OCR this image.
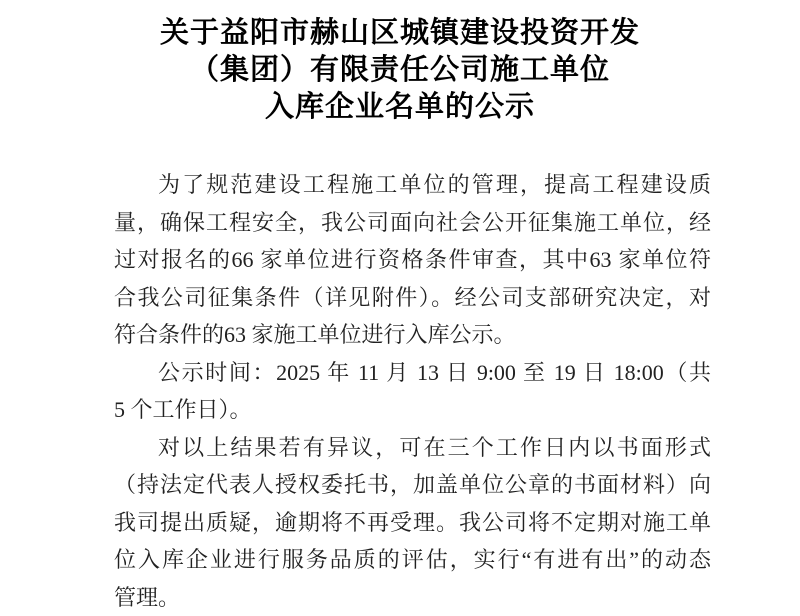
关于益阳市赫山区城镇建设投资开发
（集团）有限责任公司施工单位
入库企业名单的公示
为了规范建设工程施工单位的管理，提高工程建设质
量，确保工程安全，我公司面向社会公开征集施工单位，经
过对报名的66 家单位进行资格条件审查，其中63 家单位符
合我公司征集条件（详见附件）。经公司支部研究决定，对
符合条件的63 家施工单位进行入库公示。
公示时间：2025 年 11 月 13 日 9:00 至 19 日 18:00（共
5 个工作日）。
对以上结果若有异议，可在三个工作日内以书面形式
（持法定代表人授权委托书，加盖单位公章的书面材料）向
我司提出质疑，逾期将不再受理。我公司将不定期对施工单
位入库企业进行服务品质的评估，实行“有进有出”的动态
管理。
